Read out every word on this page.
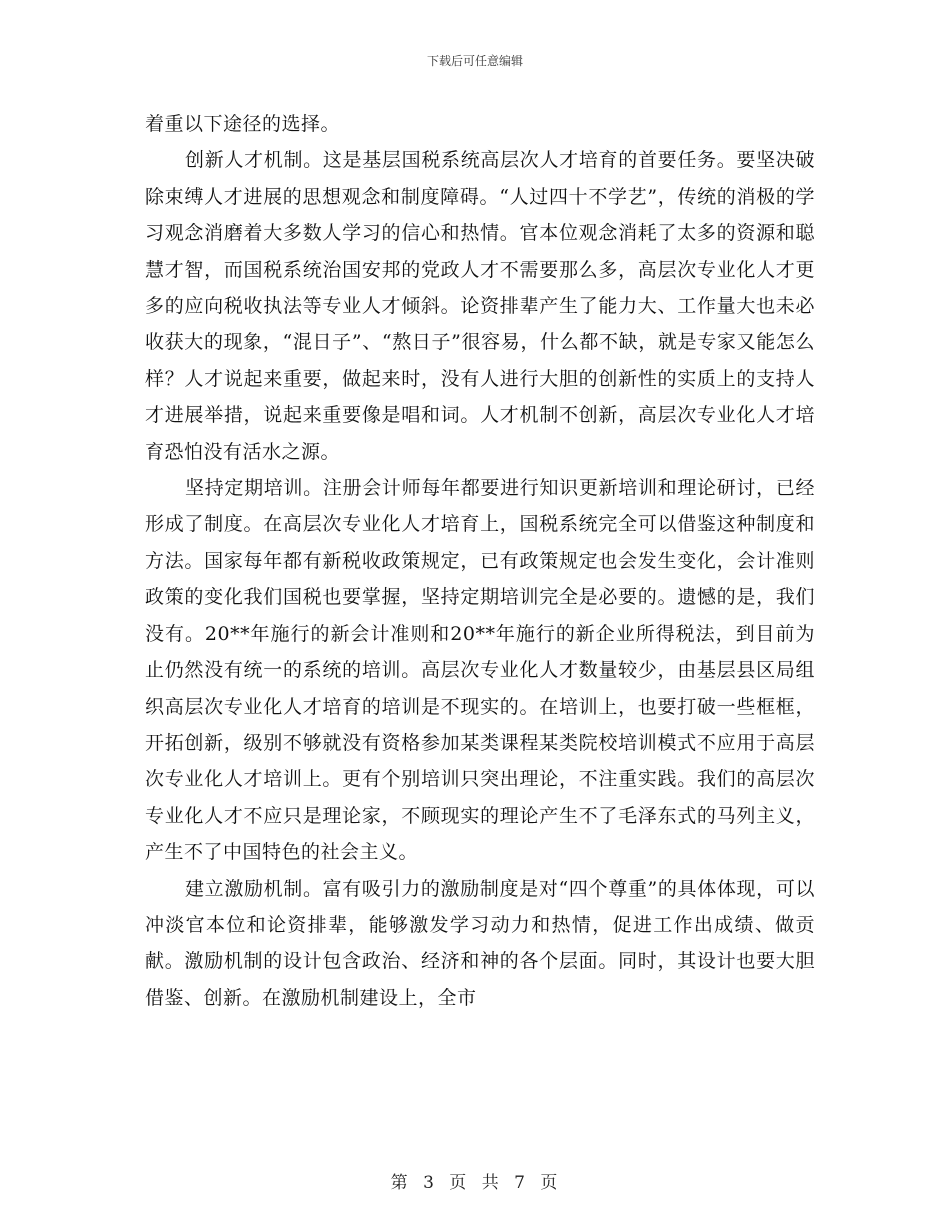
下载后可任意编辑

着重以下途径的选择。

创新人才机制。这是基层国税系统高层次人才培育的首要任务。要坚决破除束缚人才进展的思想观念和制度障碍。“人过四十不学艺”，传统的消极的学习观念消磨着大多数人学习的信心和热情。官本位观念消耗了太多的资源和聪慧才智，而国税系统治国安邦的党政人才不需要那么多，高层次专业化人才更多的应向税收执法等专业人才倾斜。论资排辈产生了能力大、工作量大也未必收获大的现象，“混日子”、“熬日子”很容易，什么都不缺，就是专家又能怎么样？人才说起来重要，做起来时，没有人进行大胆的创新性的实质上的支持人才进展举措，说起来重要像是唱和词。人才机制不创新，高层次专业化人才培育恐怕没有活水之源。

坚持定期培训。注册会计师每年都要进行知识更新培训和理论研讨，已经形成了制度。在高层次专业化人才培育上，国税系统完全可以借鉴这种制度和方法。国家每年都有新税收政策规定，已有政策规定也会发生变化，会计准则政策的变化我们国税也要掌握，坚持定期培训完全是必要的。遗憾的是，我们没有。20**年施行的新会计准则和20**年施行的新企业所得税法，到目前为止仍然没有统一的系统的培训。高层次专业化人才数量较少，由基层县区局组织高层次专业化人才培育的培训是不现实的。在培训上，也要打破一些框框，开拓创新，级别不够就没有资格参加某类课程某类院校培训模式不应用于高层次专业化人才培训上。更有个别培训只突出理论，不注重实践。我们的高层次专业化人才不应只是理论家，不顾现实的理论产生不了毛泽东式的马列主义，产生不了中国特色的社会主义。

建立激励机制。富有吸引力的激励制度是对“四个尊重”的具体体现，可以冲淡官本位和论资排辈，能够激发学习动力和热情，促进工作出成绩、做贡献。激励机制的设计包含政治、经济和神的各个层面。同时，其设计也要大胆借鉴、创新。在激励机制建设上，全市

第 3 页 共 7 页
